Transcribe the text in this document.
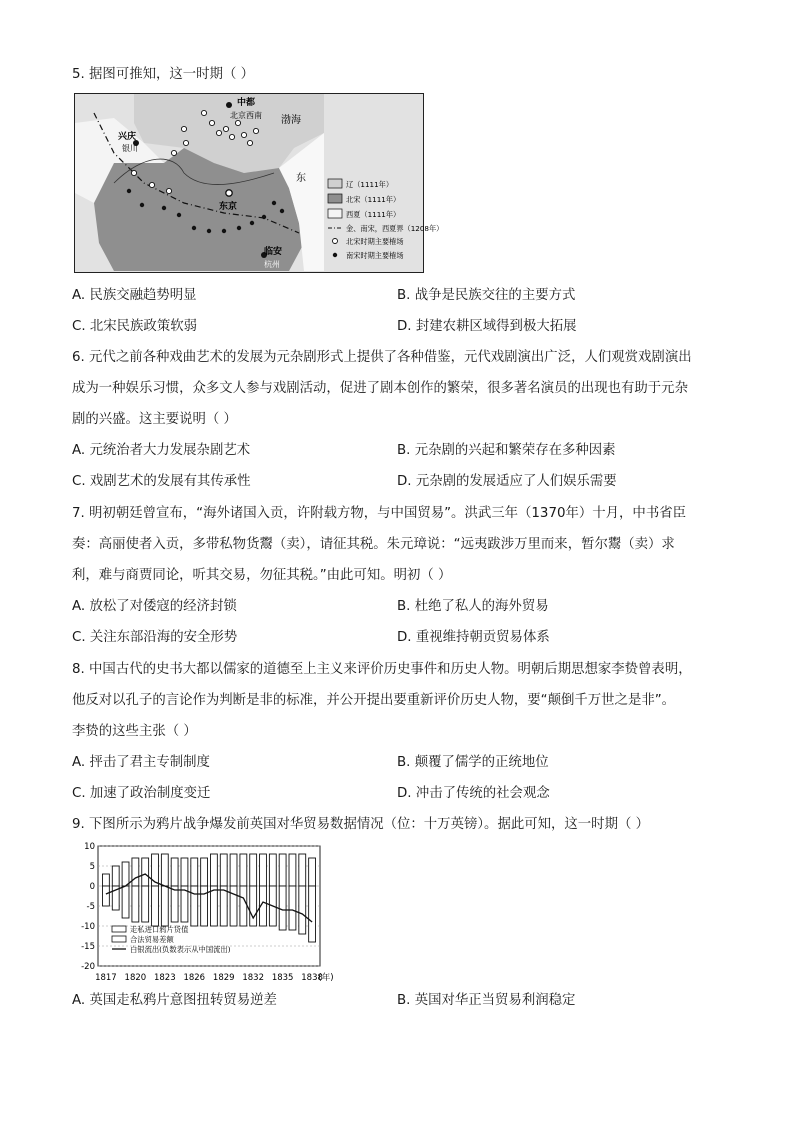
5. 据图可推知，这一时期（ ）
中都
北京西南
兴庆
银川
东京
临安
杭州
渤海
东
辽（1111年）
北宋（1111年）
西夏（1111年）
金、南宋，西夏界（1208年）
北宋时期主要榷场
南宋时期主要榷场
A. 民族交融趋势明显	B. 战争是民族交往的主要方式
C. 北宋民族政策软弱	D. 封建农耕区域得到极大拓展
6. 元代之前各种戏曲艺术的发展为元杂剧形式上提供了各种借鉴，元代戏剧演出广泛，人们观赏戏剧演出
成为一种娱乐习惯，众多文人参与戏剧活动，促进了剧本创作的繁荣，很多著名演员的出现也有助于元杂
剧的兴盛。这主要说明（ ）
A. 元统治者大力发展杂剧艺术	B. 元杂剧的兴起和繁荣存在多种因素
C. 戏剧艺术的发展有其传承性	D. 元杂剧的发展适应了人们娱乐需要
7. 明初朝廷曾宣布，“海外诸国入贡，许附载方物，与中国贸易”。洪武三年（1370年）十月，中书省臣
奏：高丽使者入贡，多带私物货鬻（卖），请征其税。朱元璋说：“远夷跋涉万里而来，暂尔鬻（卖）求
利，难与商贾同论，听其交易，勿征其税。”由此可知。明初（ ）
A. 放松了对倭寇的经济封锁	B. 杜绝了私人的海外贸易
C. 关注东部沿海的安全形势	D. 重视维持朝贡贸易体系
8. 中国古代的史书大都以儒家的道德至上主义来评价历史事件和历史人物。明朝后期思想家李贽曾表明，
他反对以孔子的言论作为判断是非的标准，并公开提出要重新评价历史人物，要“颠倒千万世之是非”。
李贽的这些主张（ ）
A. 抨击了君主专制制度	B. 颠覆了儒学的正统地位
C. 加速了政治制度变迁	D. 冲击了传统的社会观念
9. 下图所示为鸦片战争爆发前英国对华贸易数据情况（位：十万英镑）。据此可知，这一时期（ ）
10
5
0
-5
-10
-15
-20
1817 1820 1823 1826 1829 1832 1835 1838
(年)
走私进口鸦片货值
合法贸易差额
白银流出(负数表示从中国流出)
A. 英国走私鸦片意图扭转贸易逆差	B. 英国对华正当贸易利润稳定
